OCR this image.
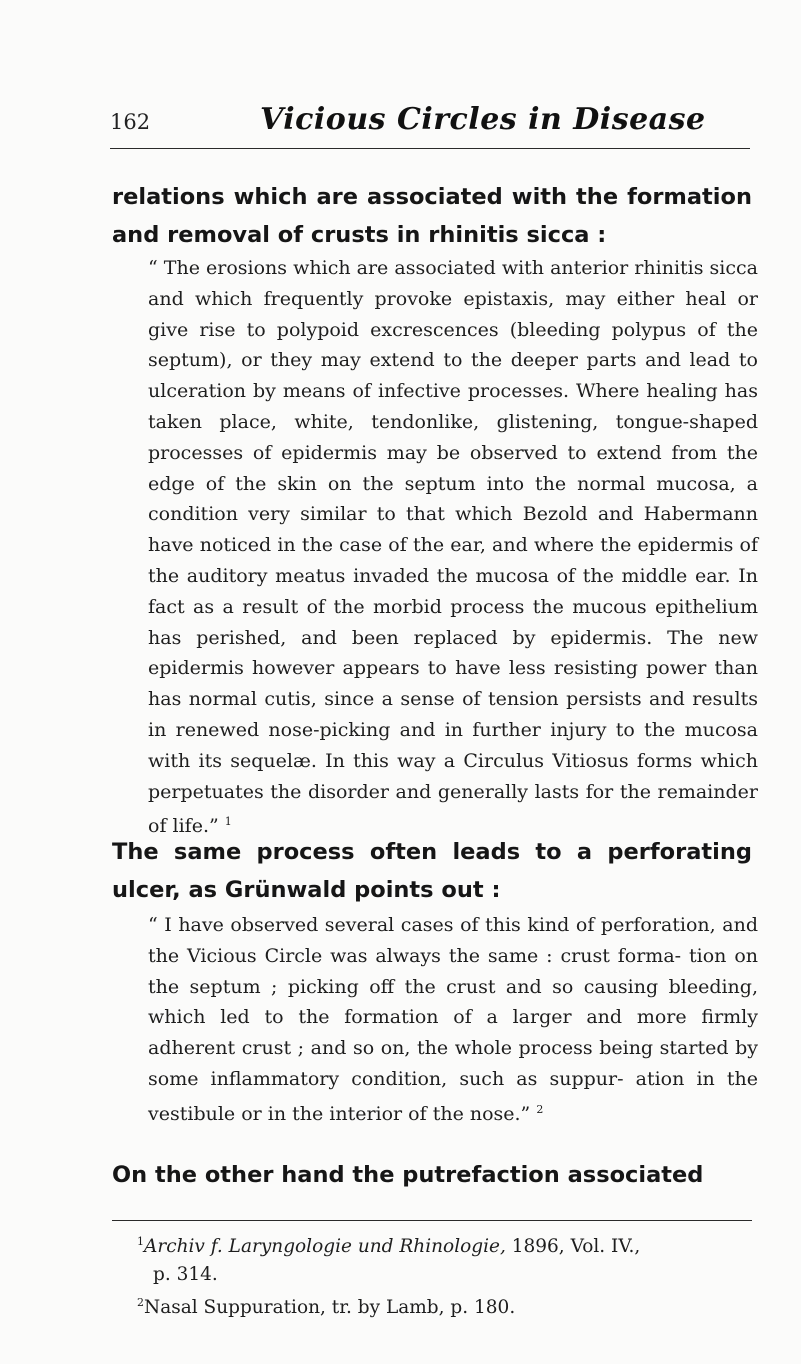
162	Vicious Circles in Disease
relations which are associated with the formation and removal of crusts in rhinitis sicca :
“ The erosions which are associated with anterior rhinitis sicca and which frequently provoke epistaxis, may either heal or give rise to polypoid excrescences (bleeding polypus of the septum), or they may extend to the deeper parts and lead to ulceration by means of infective processes. Where healing has taken place, white, tendonlike, glistening, tongue-shaped processes of epidermis may be observed to extend from the edge of the skin on the septum into the normal mucosa, a condition very similar to that which Bezold and Habermann have noticed in the case of the ear, and where the epidermis of the auditory meatus invaded the mucosa of the middle ear. In fact as a result of the morbid process the mucous epithelium has perished, and been replaced by epidermis. The new epidermis however appears to have less resisting power than has normal cutis, since a sense of tension persists and results in renewed nose-picking and in further injury to the mucosa with its sequelæ. In this way a Circulus Vitiosus forms which perpetuates the disorder and generally lasts for the remainder of life.” $^1$
The same process often leads to a perforating ulcer, as Grünwald points out :
“ I have observed several cases of this kind of perforation, and the Vicious Circle was always the same : crust forma- tion on the septum ; picking off the crust and so causing bleeding, which led to the formation of a larger and more firmly adherent crust ; and so on, the whole process being started by some inflammatory condition, such as suppur- ation in the vestibule or in the interior of the nose.” $^2$
On the other hand the putrefaction associated
$^1$Archiv f. Laryngologie und Rhinologie, 1896, Vol. IV.,
p. 314.
$^2$Nasal Suppuration, tr. by Lamb, p. 180.
